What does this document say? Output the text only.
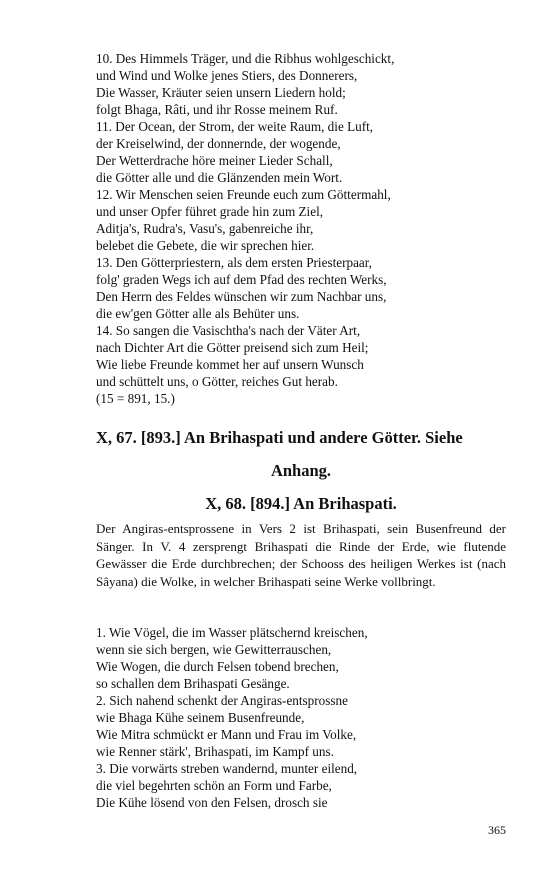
10. Des Himmels Träger, und die Ribhus wohlgeschickt,
und Wind und Wolke jenes Stiers, des Donnerers,
Die Wasser, Kräuter seien unsern Liedern hold;
folgt Bhaga, Râti, und ihr Rosse meinem Ruf.
11. Der Ocean, der Strom, der weite Raum, die Luft,
der Kreiselwind, der donnernde, der wogende,
Der Wetterdrache höre meiner Lieder Schall,
die Götter alle und die Glänzenden mein Wort.
12. Wir Menschen seien Freunde euch zum Göttermahl,
und unser Opfer führet grade hin zum Ziel,
Aditja's, Rudra's, Vasu's, gabenreiche ihr,
belebet die Gebete, die wir sprechen hier.
13. Den Götterpriestern, als dem ersten Priesterpaar,
folg' graden Wegs ich auf dem Pfad des rechten Werks,
Den Herrn des Feldes wünschen wir zum Nachbar uns,
die ew'gen Götter alle als Behüter uns.
14. So sangen die Vasischtha's nach der Väter Art,
nach Dichter Art die Götter preisend sich zum Heil;
Wie liebe Freunde kommet her auf unsern Wunsch
und schüttelt uns, o Götter, reiches Gut herab.
(15 = 891, 15.)
X, 67. [893.] An Brihaspati und andere Götter. Siehe
Anhang.
X, 68. [894.] An Brihaspati.

Der Angiras-entsprossene in Vers 2 ist Brihaspati, sein Busenfreund der Sänger. In V. 4 zersprengt Brihaspati die Rinde der Erde, wie flutende Gewässer die Erde durchbrechen; der Schooss des heiligen Werkes ist (nach Sâyana) die Wolke, in welcher Brihaspati seine Werke vollbringt.

1. Wie Vögel, die im Wasser plätschernd kreischen,
wenn sie sich bergen, wie Gewitterrauschen,
Wie Wogen, die durch Felsen tobend brechen,
so schallen dem Brihaspati Gesänge.
2. Sich nahend schenkt der Angiras-entsprossne
wie Bhaga Kühe seinem Busenfreunde,
Wie Mitra schmückt er Mann und Frau im Volke,
wie Renner stärk', Brihaspati, im Kampf uns.
3. Die vorwärts streben wandernd, munter eilend,
die viel begehrten schön an Form und Farbe,
Die Kühe lösend von den Felsen, drosch sie
365
